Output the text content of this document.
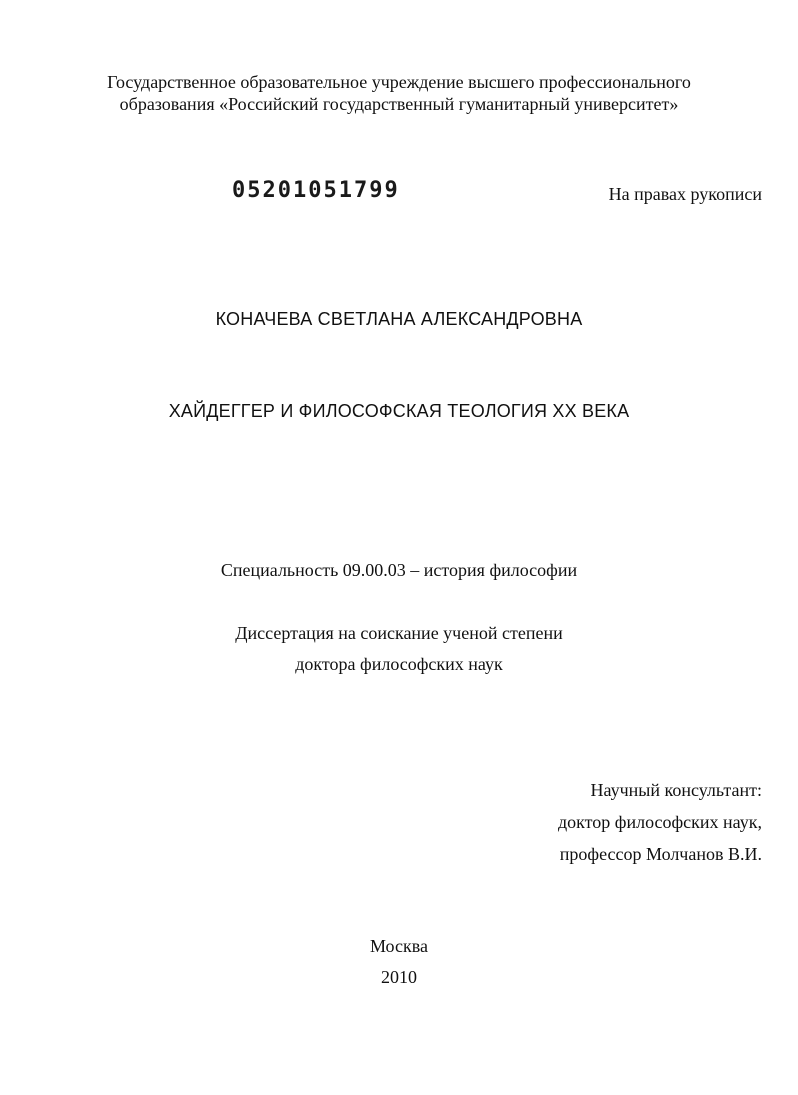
Государственное образовательное учреждение высшего профессионального
образования «Российский государственный гуманитарный университет»
05201051799	На правах рукописи
КОНАЧЕВА СВЕТЛАНА АЛЕКСАНДРОВНА
ХАЙДЕГГЕР И ФИЛОСОФСКАЯ ТЕОЛОГИЯ XX ВЕКА
Специальность 09.00.03 – история философии
Диссертация на соискание ученой степени
доктора философских наук
Научный консультант:
доктор философских наук,
профессор Молчанов В.И.
Москва
2010
